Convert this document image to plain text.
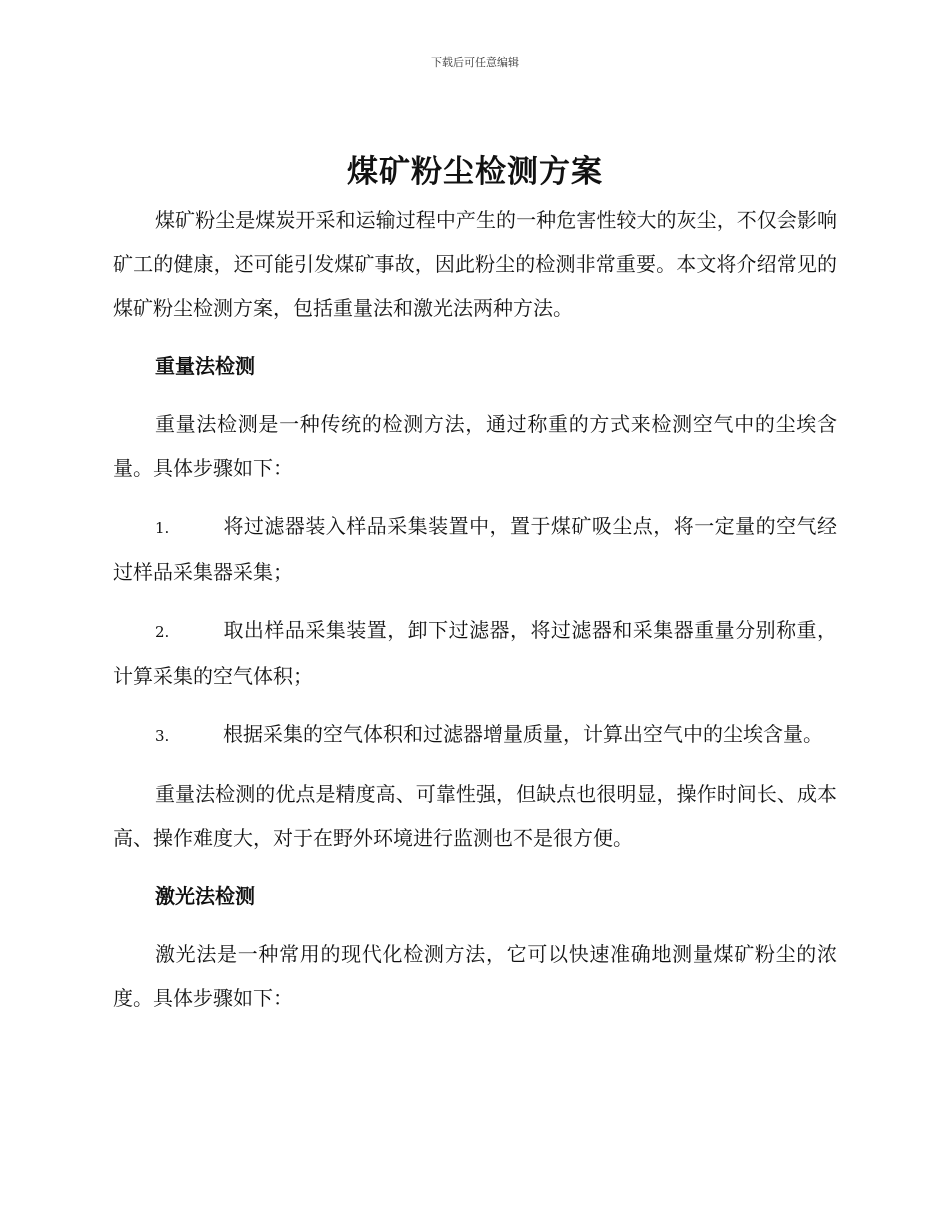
下载后可任意编辑
煤矿粉尘检测方案

煤矿粉尘是煤炭开采和运输过程中产生的一种危害性较大的灰尘，不仅会影响矿工的健康，还可能引发煤矿事故，因此粉尘的检测非常重要。本文将介绍常见的煤矿粉尘检测方案，包括重量法和激光法两种方法。

重量法检测

重量法检测是一种传统的检测方法，通过称重的方式来检测空气中的尘埃含量。具体步骤如下：

1.	将过滤器装入样品采集装置中，置于煤矿吸尘点，将一定量的空气经过样品采集器采集；

2.	取出样品采集装置，卸下过滤器，将过滤器和采集器重量分别称重，计算采集的空气体积；

3.	根据采集的空气体积和过滤器增量质量，计算出空气中的尘埃含量。

重量法检测的优点是精度高、可靠性强，但缺点也很明显，操作时间长、成本高、操作难度大，对于在野外环境进行监测也不是很方便。

激光法检测

激光法是一种常用的现代化检测方法，它可以快速准确地测量煤矿粉尘的浓度。具体步骤如下：
